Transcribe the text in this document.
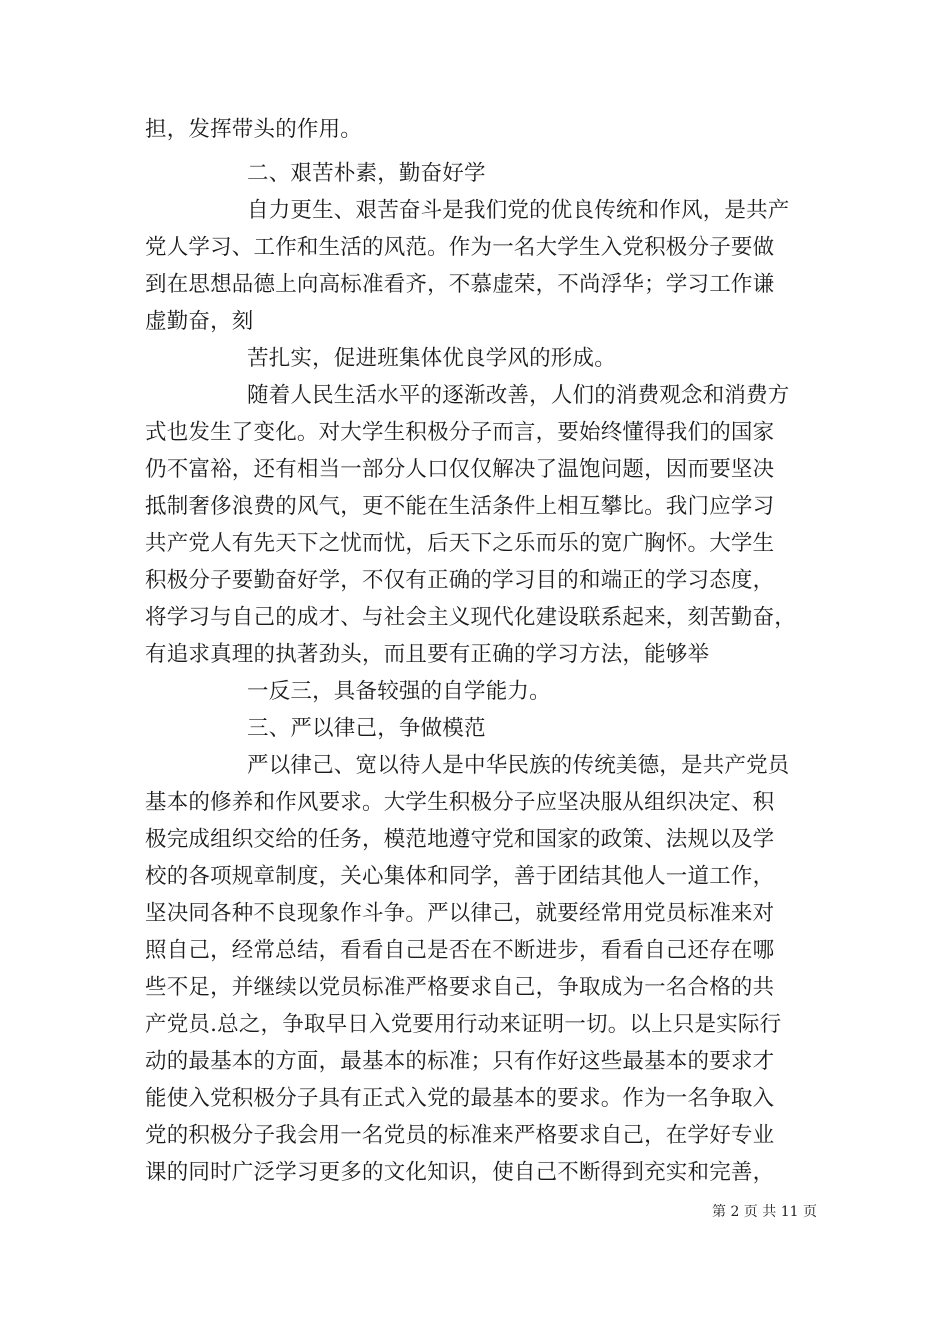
担，发挥带头的作用。
二、艰苦朴素，勤奋好学
自力更生、艰苦奋斗是我们党的优良传统和作风，是共产
党人学习、工作和生活的风范。作为一名大学生入党积极分子要做
到在思想品德上向高标准看齐，不慕虚荣，不尚浮华；学习工作谦
虚勤奋，刻
苦扎实，促进班集体优良学风的形成。
随着人民生活水平的逐渐改善，人们的消费观念和消费方
式也发生了变化。对大学生积极分子而言，要始终懂得我们的国家
仍不富裕，还有相当一部分人口仅仅解决了温饱问题，因而要坚决
抵制奢侈浪费的风气，更不能在生活条件上相互攀比。我门应学习
共产党人有先天下之忧而忧，后天下之乐而乐的宽广胸怀。大学生
积极分子要勤奋好学，不仅有正确的学习目的和端正的学习态度，
将学习与自己的成才、与社会主义现代化建设联系起来，刻苦勤奋，
有追求真理的执著劲头，而且要有正确的学习方法，能够举
一反三，具备较强的自学能力。
三、严以律己，争做模范
严以律己、宽以待人是中华民族的传统美德，是共产党员
基本的修养和作风要求。大学生积极分子应坚决服从组织决定、积
极完成组织交给的任务，模范地遵守党和国家的政策、法规以及学
校的各项规章制度，关心集体和同学，善于团结其他人一道工作，
坚决同各种不良现象作斗争。严以律己，就要经常用党员标准来对
照自己，经常总结，看看自己是否在不断进步，看看自己还存在哪
些不足，并继续以党员标准严格要求自己，争取成为一名合格的共
产党员.总之，争取早日入党要用行动来证明一切。以上只是实际行
动的最基本的方面，最基本的标准；只有作好这些最基本的要求才
能使入党积极分子具有正式入党的最基本的要求。作为一名争取入
党的积极分子我会用一名党员的标准来严格要求自己，在学好专业
课的同时广泛学习更多的文化知识，使自己不断得到充实和完善，
第 2 页 共 11 页
